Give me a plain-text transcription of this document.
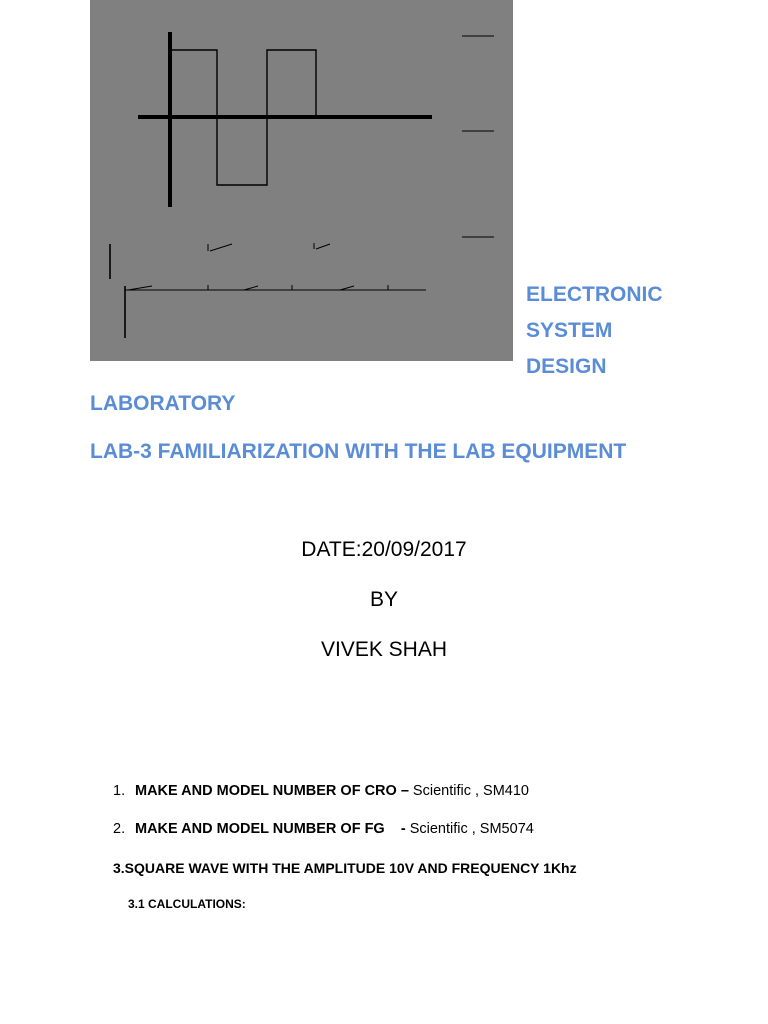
ELECTRONIC
SYSTEM
DESIGN
LABORATORY
LAB-3 FAMILIARIZATION WITH THE LAB EQUIPMENT
DATE:20/09/2017
BY
VIVEK SHAH
1. MAKE AND MODEL NUMBER OF CRO – Scientific , SM410
2. MAKE AND MODEL NUMBER OF FG    - Scientific , SM5074
3.SQUARE WAVE WITH THE AMPLITUDE 10V AND FREQUENCY 1Khz
3.1 CALCULATIONS:
